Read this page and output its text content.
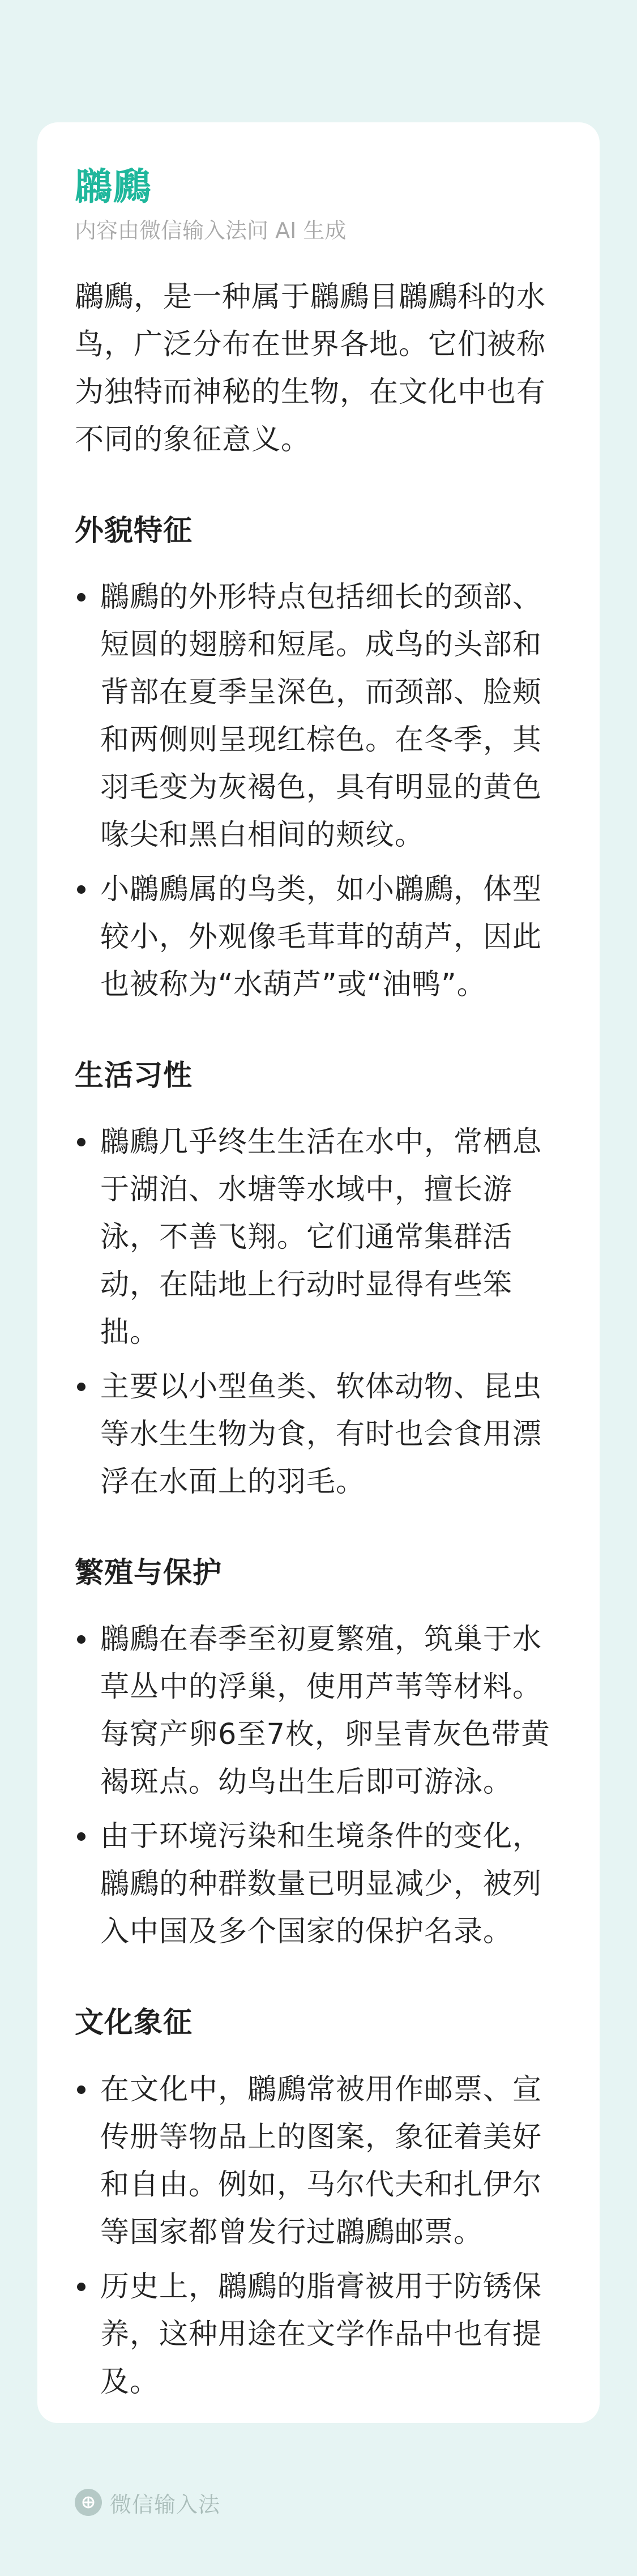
鸊鷉
内容由微信输入法问 AI 生成

鸊鷉，是一种属于鸊鷉目鸊鷉科的水鸟，广泛分布在世界各地。它们被称为独特而神秘的生物，在文化中也有不同的象征意义。

外貌特征
鸊鷉的外形特点包括细长的颈部、短圆的翅膀和短尾。成鸟的头部和背部在夏季呈深色，而颈部、脸颊和两侧则呈现红棕色。在冬季，其羽毛变为灰褐色，具有明显的黄色喙尖和黑白相间的颊纹。
小鸊鷉属的鸟类，如小鸊鷉，体型较小，外观像毛茸茸的葫芦，因此也被称为“水葫芦”或“油鸭”。
生活习性
鸊鷉几乎终生生活在水中，常栖息于湖泊、水塘等水域中，擅长游泳，不善飞翔。它们通常集群活动，在陆地上行动时显得有些笨拙。
主要以小型鱼类、软体动物、昆虫等水生生物为食，有时也会食用漂浮在水面上的羽毛。
繁殖与保护
鸊鷉在春季至初夏繁殖，筑巢于水草丛中的浮巢，使用芦苇等材料。每窝产卵6至7枚，卵呈青灰色带黄褐斑点。幼鸟出生后即可游泳。
由于环境污染和生境条件的变化，鸊鷉的种群数量已明显减少，被列入中国及多个国家的保护名录。
文化象征
在文化中，鸊鷉常被用作邮票、宣传册等物品上的图案，象征着美好和自由。例如，马尔代夫和扎伊尔等国家都曾发行过鸊鷉邮票。
历史上，鸊鷉的脂膏被用于防锈保养，这种用途在文学作品中也有提及。
微信输入法
